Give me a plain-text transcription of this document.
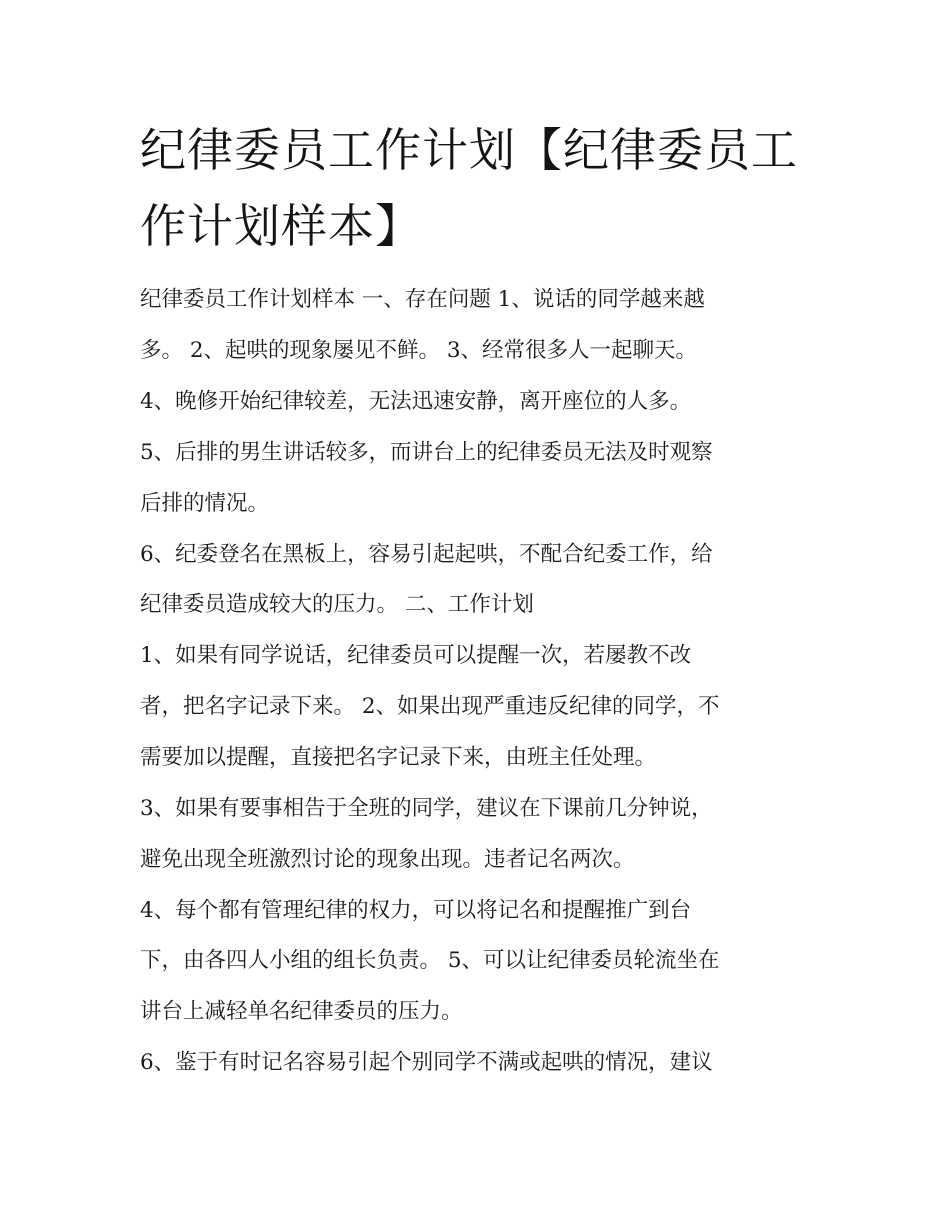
纪律委员工作计划【纪律委员工作计划样本】

纪律委员工作计划样本 一、存在问题 1、说话的同学越来越

多。 2、起哄的现象屡见不鲜。 3、经常很多人一起聊天。

4、晚修开始纪律较差，无法迅速安静，离开座位的人多。

5、后排的男生讲话较多，而讲台上的纪律委员无法及时观察

后排的情况。

6、纪委登名在黑板上，容易引起起哄，不配合纪委工作，给

纪律委员造成较大的压力。 二、工作计划

1、如果有同学说话，纪律委员可以提醒一次，若屡教不改

者，把名字记录下来。 2、如果出现严重违反纪律的同学，不

需要加以提醒，直接把名字记录下来，由班主任处理。

3、如果有要事相告于全班的同学，建议在下课前几分钟说，

避免出现全班激烈讨论的现象出现。违者记名两次。

4、每个都有管理纪律的权力，可以将记名和提醒推广到台

下，由各四人小组的组长负责。 5、可以让纪律委员轮流坐在

讲台上减轻单名纪律委员的压力。

6、鉴于有时记名容易引起个别同学不满或起哄的情况，建议
